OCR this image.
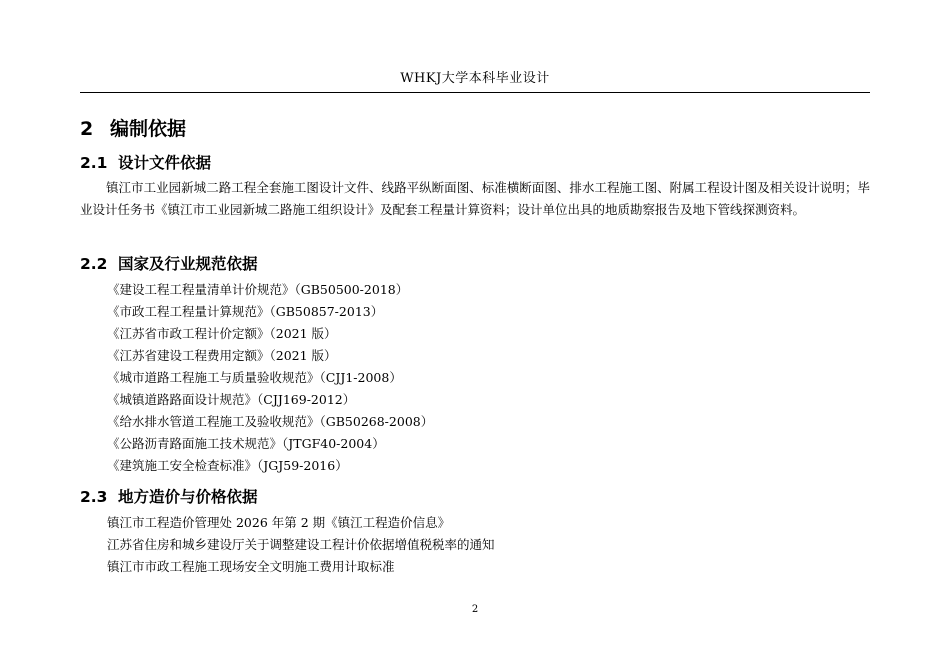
WHKJ大学本科毕业设计
2 编制依据
2.1 设计文件依据

镇江市工业园新城二路工程全套施工图设计文件、线路平纵断面图、标准横断面图、排水工程施工图、附属工程设计图及相关设计说明；毕业设计任务书《镇江市工业园新城二路施工组织设计》及配套工程量计算资料；设计单位出具的地质勘察报告及地下管线探测资料。

2.2 国家及行业规范依据
《建设工程工程量清单计价规范》（GB50500-2018）
《市政工程工程量计算规范》（GB50857-2013）
《江苏省市政工程计价定额》（2021 版）
《江苏省建设工程费用定额》（2021 版）
《城市道路工程施工与质量验收规范》（CJJ1-2008）
《城镇道路路面设计规范》（CJJ169-2012）
《给水排水管道工程施工及验收规范》（GB50268-2008）
《公路沥青路面施工技术规范》（JTGF40-2004）
《建筑施工安全检查标准》（JGJ59-2016）
2.3 地方造价与价格依据
镇江市工程造价管理处 2026 年第 2 期《镇江工程造价信息》
江苏省住房和城乡建设厅关于调整建设工程计价依据增值税税率的通知
镇江市市政工程施工现场安全文明施工费用计取标准
2
